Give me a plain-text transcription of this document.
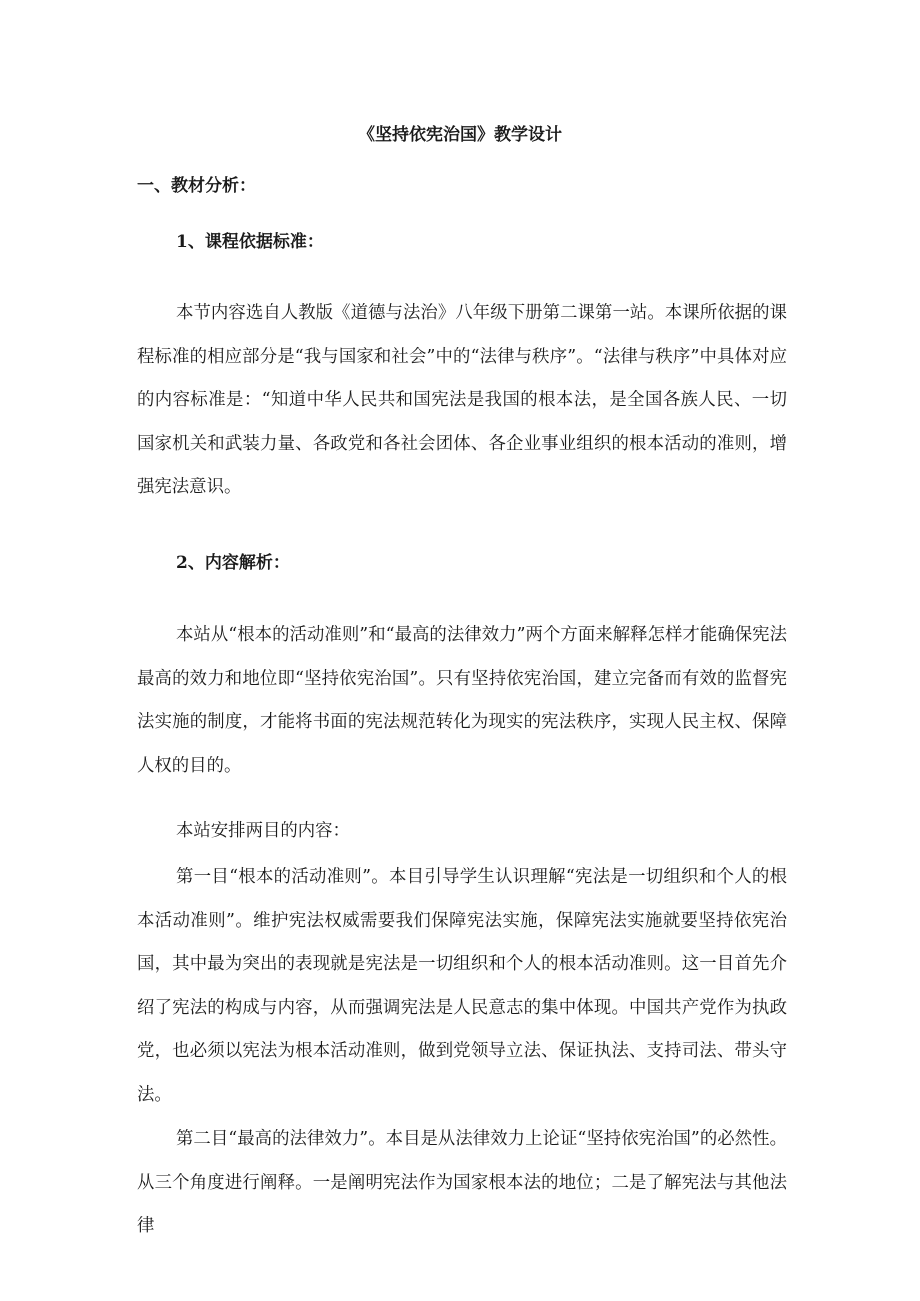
《坚持依宪治国》教学设计
一、教材分析：
1、课程依据标准：

本节内容选自人教版《道德与法治》八年级下册第二课第一站。本课所依据的课程标准的相应部分是“我与国家和社会”中的“法律与秩序”。“法律与秩序”中具体对应的内容标准是：“知道中华人民共和国宪法是我国的根本法，是全国各族人民、一切国家机关和武装力量、各政党和各社会团体、各企业事业组织的根本活动的准则，增强宪法意识。

2、内容解析：

本站从“根本的活动准则”和“最高的法律效力”两个方面来解释怎样才能确保宪法最高的效力和地位即“坚持依宪治国”。只有坚持依宪治国，建立完备而有效的监督宪法实施的制度，才能将书面的宪法规范转化为现实的宪法秩序，实现人民主权、保障人权的目的。

本站安排两目的内容：

第一目“根本的活动准则”。本目引导学生认识理解“宪法是一切组织和个人的根本活动准则”。维护宪法权威需要我们保障宪法实施，保障宪法实施就要坚持依宪治国，其中最为突出的表现就是宪法是一切组织和个人的根本活动准则。这一目首先介绍了宪法的构成与内容，从而强调宪法是人民意志的集中体现。中国共产党作为执政党，也必须以宪法为根本活动准则，做到党领导立法、保证执法、支持司法、带头守法。

第二目“最高的法律效力”。本目是从法律效力上论证“坚持依宪治国”的必然性。从三个角度进行阐释。一是阐明宪法作为国家根本法的地位；二是了解宪法与其他法律
